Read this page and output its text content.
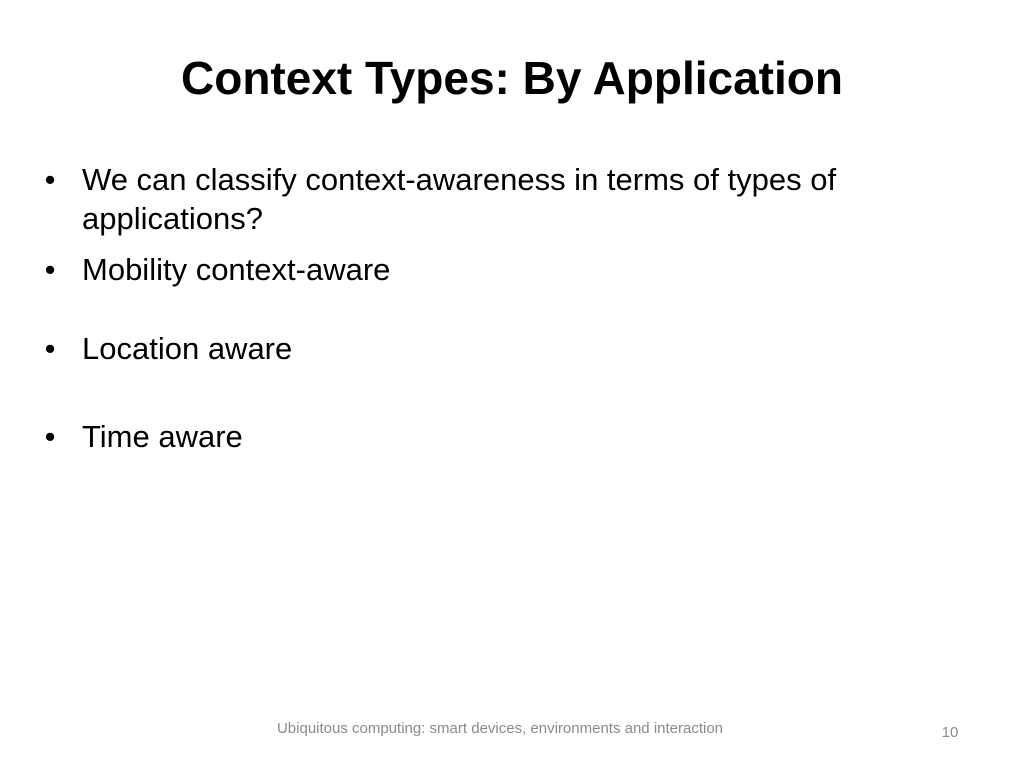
Context Types: By Application
• We can classify context-awareness in terms of types of applications?
• Mobility context-aware
• Location aware
• Time aware
Ubiquitous computing: smart devices, environments and interaction	10
